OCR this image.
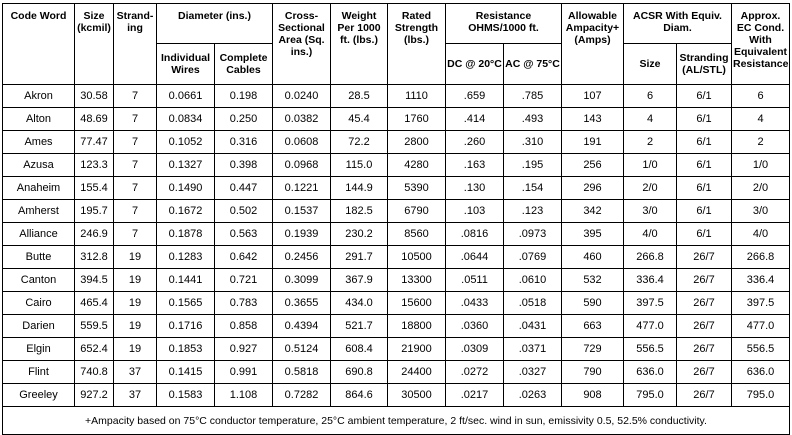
Code Word	Size (kcmil)	Strand-ing	Diameter (ins.)		Cross-Sectional Area (Sq. ins.)	Weight Per 1000 ft. (lbs.)	Rated Strength (lbs.)	Resistance OHMS/1000 ft.		Allowable Ampacity+ (Amps)	ACSR With Equiv. Diam.		Approx. EC Cond. With Equivalent Resistance
			Individual Wires	Complete Cables				DC @ 20°C	AC @ 75°C		Size	Stranding (AL/STL)	
Akron	30.58	7	0.0661	0.198	0.0240	28.5	1110	.659	.785	107	6	6/1	6
Alton	48.69	7	0.0834	0.250	0.0382	45.4	1760	.414	.493	143	4	6/1	4
Ames	77.47	7	0.1052	0.316	0.0608	72.2	2800	.260	.310	191	2	6/1	2
Azusa	123.3	7	0.1327	0.398	0.0968	115.0	4280	.163	.195	256	1/0	6/1	1/0
Anaheim	155.4	7	0.1490	0.447	0.1221	144.9	5390	.130	.154	296	2/0	6/1	2/0
Amherst	195.7	7	0.1672	0.502	0.1537	182.5	6790	.103	.123	342	3/0	6/1	3/0
Alliance	246.9	7	0.1878	0.563	0.1939	230.2	8560	.0816	.0973	395	4/0	6/1	4/0
Butte	312.8	19	0.1283	0.642	0.2456	291.7	10500	.0644	.0769	460	266.8	26/7	266.8
Canton	394.5	19	0.1441	0.721	0.3099	367.9	13300	.0511	.0610	532	336.4	26/7	336.4
Cairo	465.4	19	0.1565	0.783	0.3655	434.0	15600	.0433	.0518	590	397.5	26/7	397.5
Darien	559.5	19	0.1716	0.858	0.4394	521.7	18800	.0360	.0431	663	477.0	26/7	477.0
Elgin	652.4	19	0.1853	0.927	0.5124	608.4	21900	.0309	.0371	729	556.5	26/7	556.5
Flint	740.8	37	0.1415	0.991	0.5818	690.8	24400	.0272	.0327	790	636.0	26/7	636.0
Greeley	927.2	37	0.1583	1.108	0.7282	864.6	30500	.0217	.0263	908	795.0	26/7	795.0
+Ampacity based on 75°C conductor temperature, 25°C ambient temperature, 2 ft/sec. wind in sun, emissivity 0.5, 52.5% conductivity.													
